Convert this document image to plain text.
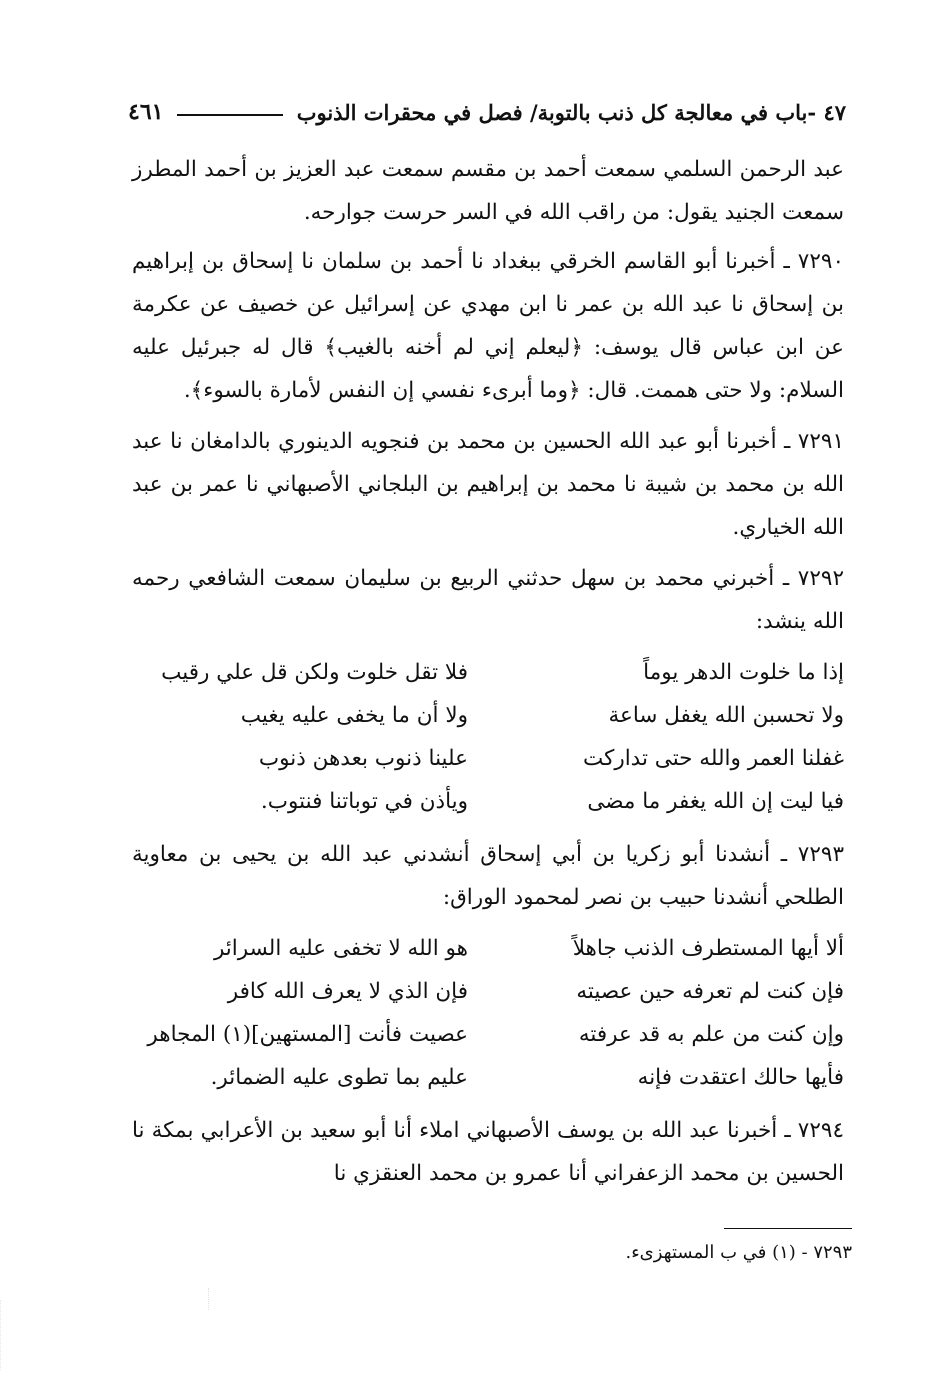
٤٧ -باب في معالجة كل ذنب بالتوبة/ فصل في محقرات الذنوب
٤٦١

عبد الرحمن السلمي سمعت أحمد بن مقسم سمعت عبد العزيز بن أحمد المطرز سمعت الجنيد يقول: من راقب الله في السر حرست جوارحه.

٧٢٩٠ ـ أخبرنا أبو القاسم الخرقي ببغداد نا أحمد بن سلمان نا إسحاق بن إبراهيم بن إسحاق نا عبد الله بن عمر نا ابن مهدي عن إسرائيل عن خصيف عن عكرمة عن ابن عباس قال يوسف: ﴿ليعلم إني لم أخنه بالغيب﴾ قال له جبرئيل عليه السلام: ولا حتى هممت. قال: ﴿وما أبرىء نفسي إن النفس لأمارة بالسوء﴾.

٧٢٩١ ـ أخبرنا أبو عبد الله الحسين بن محمد بن فنجويه الدينوري بالدامغان نا عبد الله بن محمد بن شيبة نا محمد بن إبراهيم بن البلجاني الأصبهاني نا عمر بن عبد الله الخياري.

٧٢٩٢ ـ أخبرني محمد بن سهل حدثني الربيع بن سليمان سمعت الشافعي رحمه الله ينشد:

إذا ما خلوت الدهر يوماً
فلا تقل خلوت ولكن قل علي رقيب
ولا تحسبن الله يغفل ساعة
ولا أن ما يخفى عليه يغيب
غفلنا العمر والله حتى تداركت
علينا ذنوب بعدهن ذنوب
فيا ليت إن الله يغفر ما مضى
ويأذن في توباتنا فنتوب.

٧٢٩٣ ـ أنشدنا أبو زكريا بن أبي إسحاق أنشدني عبد الله بن يحيى بن معاوية الطلحي أنشدنا حبيب بن نصر لمحمود الوراق:

ألا أيها المستطرف الذنب جاهلاً
هو الله لا تخفى عليه السرائر
فإن كنت لم تعرفه حين عصيته
فإن الذي لا يعرف الله كافر
وإن كنت من علم به قد عرفته
عصيت فأنت [المستهين](١) المجاهر
فأيها حالك اعتقدت فإنه
عليم بما تطوى عليه الضمائر.

٧٢٩٤ ـ أخبرنا عبد الله بن يوسف الأصبهاني املاء أنا أبو سعيد بن الأعرابي بمكة نا الحسين بن محمد الزعفراني أنا عمرو بن محمد العنقزي نا

٧٢٩٣ - (١) في ب المستهزىء.
